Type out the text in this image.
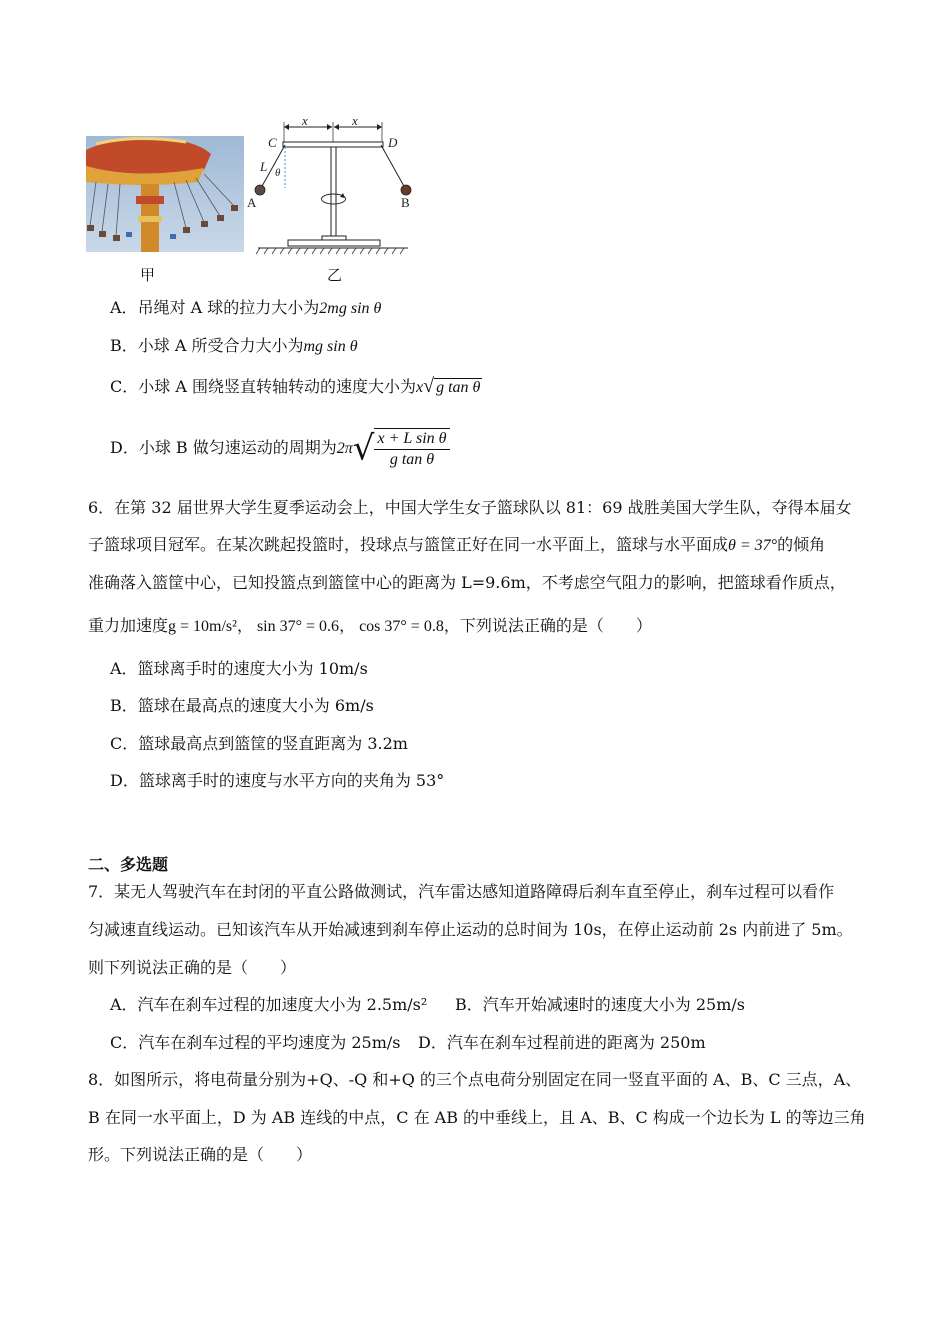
甲
x	x
C	D
L θ
A	B
乙
A．吊绳对 A 球的拉力大小为2mg sin θ
B．小球 A 所受合力大小为mg sin θ
C．小球 A 围绕竖直转轴转动的速度大小为x√ g tan θ
D．小球 B 做匀速运动的周期为$2\pi√ \frac{\text{x + L sin θ}}{\text{g tan θ}}$
6．在第 32 届世界大学生夏季运动会上，中国大学生女子篮球队以 81：69 战胜美国大学生队，夺得本届女
子篮球项目冠军。在某次跳起投篮时，投球点与篮筐正好在同一水平面上，篮球与水平面成θ = 37°的倾角
准确落入篮筐中心，已知投篮点到篮筐中心的距离为 L=9.6m，不考虑空气阻力的影响，把篮球看作质点，
重力加速度g = 10m/s²， sin 37° = 0.6， cos 37° = 0.8，下列说法正确的是（　　）
A．篮球离手时的速度大小为 10m/s
B．篮球在最高点的速度大小为 6m/s
C．篮球最高点到篮筐的竖直距离为 3.2m
D．篮球离手时的速度与水平方向的夹角为 53°
二、多选题
7．某无人驾驶汽车在封闭的平直公路做测试，汽车雷达感知道路障碍后刹车直至停止，刹车过程可以看作
匀减速直线运动。已知该汽车从开始减速到刹车停止运动的总时间为 10s，在停止运动前 2s 内前进了 5m。
则下列说法正确的是（　　）
A．汽车在刹车过程的加速度大小为 2.5m/s² B．汽车开始减速时的速度大小为 25m/s
C．汽车在刹车过程的平均速度为 25m/s D．汽车在刹车过程前进的距离为 250m
8．如图所示，将电荷量分别为+Q、-Q 和+Q 的三个点电荷分别固定在同一竖直平面的 A、B、C 三点，A、
B 在同一水平面上，D 为 AB 连线的中点，C 在 AB 的中垂线上，且 A、B、C 构成一个边长为 L 的等边三角
形。下列说法正确的是（　　）
